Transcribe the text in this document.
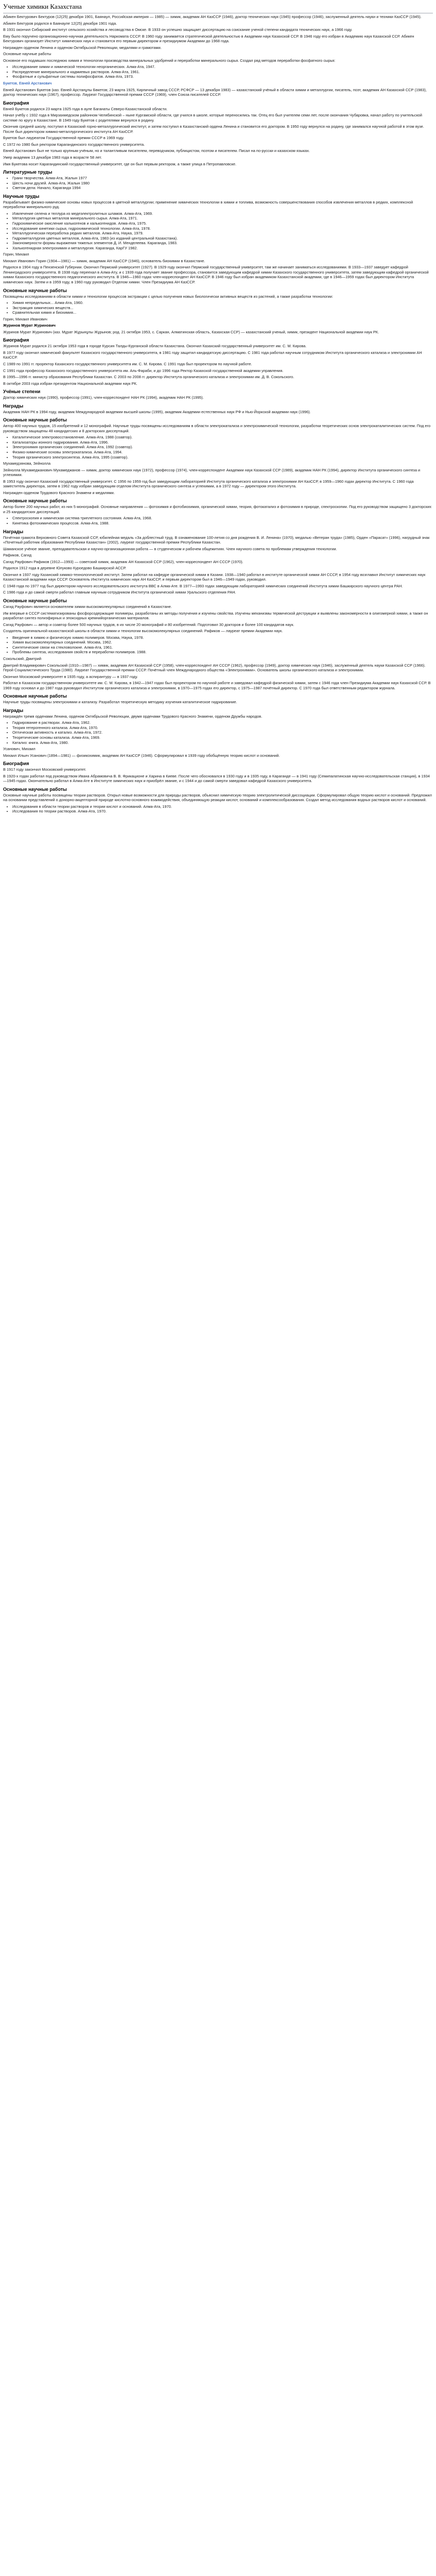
Ученые химики Казахстана

Абикен Бектурович Бектуров (12(25) декабря 1901, Баянаул, Российская империя — 1985) — химик, академик АН КазССР (1946), доктор технических наук (1945) профессор (1946), заслуженный деятель науки и техники КазССР (1945).

Абикен Бектуров родился в Баянауле 12(25) декабря 1901 года.

В 1931 окончил Сибирский институт сельского хозяйства и лесоводства в Омске. В 1933 он успешно защищает диссертацию на соискание ученой степени кандидата технических наук, а 1966 году.

Ему было поручено организационно-научная деятельность Наркомата СССР. В 1960 году занимается стратегической деятельностью в Академии наук Казахской ССР. В 1946 году его избран в Академию наук Казахской ССР. Абикен Бектурович организует Институт химических наук и становится его первым директором и президиумом Академии до 1968 года.

Награжден орденом Ленина и орденом Октябрьской Революции, медалями и грамотами.

Основные научные работы

Основное его подавших последнюю химия и технологии производства минеральных удобрений и переработки минерального сырья. Создал ряд методов переработки фосфатного сырья:

• Исследование химии и химической технологии неорганических. Алма-Ата, 1947.
• Распределение минерального и кадмиевых растворов. Алма-Ата, 1961.
• Фосфатные и сульфатные системы полифосфатов. Алма-Ата, 1973.

Букетов, Евней Арстанович

Евней Арстанович Букетов (каз. Евней Арстанұлы Бөкетов; 23 марта 1925, Кирпичный завод СССР, РСФСР — 13 декабря 1983) — казахстанский учёный в области химии и металлургии, писатель, поэт, академик АН Казахской ССР (1983), доктор технических наук (1967), профессор. Лауреат Государственной премии СССР (1969), член Союза писателей СССР.

Биография

Евней Букетов родился 23 марта 1925 года в ауле Баганаты Северо-Казахстанской области.

Начал учёбу с 1932 года в Мирзахмедском районном Челябинской – ныне Кургамской области, где учился в школе, которые переносились так. Отец его был учителем семи лет, после окончания Чубаровка, начал работу по учительской системе по кругу в Казахстане. В 1949 году Букетов с родителями вернулся в родину.

Окончив средней школу, поступил в Казахский горно-металлургический институт, и затем поступил в Казахстанский ордена Ленина и становится его доктором. В 1950 году вернулся на родину, где занимался научной работой в этом вузе. После был директором химико-металлургического института АН КазССР.

Букетов был лауреатом Государственной премии СССР в 1969 году.

С 1972 по 1980 был ректором Карагандинского государственного университета.

Евней Арстанович был не только крупным учёным, но и талантливым писателем, переводчиком, публицистом, поэтом и писателем. Писал на по-русски и казахском языках.

Умер академик 13 декабря 1983 года в возрасте 58 лет.

Имя Букетова носит Карагандинский государственный университет, где он был первым ректором, а также улица в Петропавловске.

Литературные труды
• Грани творчества. Алма-Ата, Жалын 1977
• Шесть ночи друзей. Алма-Ата, Жалын 1980
• Светом дела: Начало, Караганда 1994
Научные труды

Разрабатывает физико-химические основы новых процессов в цветной металлургии; применение химических технологии в химии и топлива, возможность совершенствования способов извлечения металлов в редких, комплексной переработки минерального руд.

• Извлечение селена и теллура из медеэлектролитных шламов. Алма-Ата, 1969.
• Металлургия цветных металлов минерального сырья. Алма-Ата, 1971.
• Гидрохимическое окисление халькогенов и халькогенидов. Алма-Ата, 1975.
• Исследование кинетики сырья, гидрохимической технологии. Алма-Ата, 1978.
• Металлургическая переработка редких металлов. Алма-Ата, Наука, 1979.
• Гидрометаллургия цветных металлов, Алма-Ата, 1983 (из изданий центральной Казахстана).
• Закономерности формы выражения тяжелых элементов Д. И. Менделеева. Караганда, 1983.
• Халькогенидная электрохимия и металлургия. Караганда, КарГУ 1982.

Горин, Михаил

Михаил Иванович Горин (1904—1981) — химик, академик АН КазССР (1946), основатель биохимии в Казахстане.

Родился в 1904 году в Пензенской Губернии. Окончил Пермский университет (1927). В 1929 году окончил Пермский государственный университет, там же начинает заниматься исследованиями. В 1933—1937 заведует кафедрой Ленинградского университета. В 1938 году переехал в Алма-Ату, и с 1939 года получает звание профессора, становится заведующим кафедрой химии Казахского государственного университета, затем заведующим кафедрой органической химии Казахского государственного педагогического института. В 1946—1960 годах член-корреспондент АН КазССР. В 1946 году был избран академиком Казахстанской академии, где в 1946—1959 годах был директором Института химических наук. Затем и в 1959 году, в 1960 году руководил Отделом химии. Член Президиума АН КазССР.

Основные научные работы

Посвящены исследованиям в области химии и технологии процессов экстракции с целью получения новых биологически активных веществ из растений, а также разработки технологии:

• Химия непредельных... Алма-Ата, 1960.
• Экстракция химических веществ...
• Сравнительная химия и биохимия...

Горин, Михаил Иванович

Журинов Мурат Журинович

Журинов Мурат Журинович (каз. Мұрат Жұрынұлы Жұрынов; род. 21 октября 1953, с. Саркан, Алматинская область, Казахская ССР) — казахстанский ученый, химик, президент Национальной академии наук РК.

Биография

Журинов Мурат родился 21 октября 1953 года в городе Курсин Талды-Курганской области Казахстана. Окончил Казахский государственный университет им. С. М. Кирова.

В 1977 году окончил химический факультет Казахского государственного университета, в 1981 году защитил кандидатскую диссертацию. С 1981 года работал научным сотрудником Института органического катализа и электрохимии АН КазССР.

С 1989 по 1991 гг. проректор Казахского государственного университета им. С. М. Кирова. С 1991 года был проректором по научной работе.

С 1991 года профессор Казахского государственного университета им. Аль-Фараби, и до 1996 года Ректор Казахской государственной академии управления.

В 1995—1996 гг. министр образования Республики Казахстан. С 2003 по 2008 гг. директор Института органического катализа и электрохимии им. Д. В. Сокольского.

В октябре 2003 года избран президентом Национальной академии наук РК.

Учёные степени

Доктор химических наук (1990), профессор (1991), член-корреспондент НАН РК (1994), академик НАН РК (1995).

Награды

Академик НАН РК в 1994 году, академик Международной академии высшей школы (1995), академик Академии естественных наук РФ и Нью-Йоркской академии наук (1996).

Основные научные работы

Автор 400 научных трудов, 15 изобретений и 12 монографий. Научные труды посвящены исследованиям в области электрокатализа и электрохимической технологии, разработки теоретических основ электрокаталитических систем. Под его руководством защищены 48 кандидатских и 8 докторских диссертаций.

• Каталитическое электровосстановление. Алма-Ата, 1988 (соавтор).
• Катализаторы ионного гидрирования. Алма-Ата, 1996.
• Электрохимия органических соединений. Алма-Ата, 1992 (соавтор).
• Физико-химические основы электрокатализа. Алма-Ата, 1994.
• Теория органического электросинтеза. Алма-Ата, 1995 (соавтор).

Мухамедзянова, Зейнолла

Зейнолла Мухамеджанович Мухамеджанов — химик, доктор химических наук (1972), профессор (1974), член-корреспондент Академии наук Казахской ССР (1989), академик НАН РК (1994), директор Института органического синтеза и углехимии.

В 1953 году окончил Казахский государственный университет. С 1956 по 1959 год был заведующим лабораторией Института органического катализа и электрохимии АН КазССР, в 1959—1960 годах директор Института. С 1960 года заместитель директора, затем в 1962 году избран заведующим отделом Института органического синтеза и углехимии, а в 1972 году — директором этого Института.

Награжден орденом Трудового Красного Знамени и медалями.

Основные научные работы

Автор более 200 научных работ, из них 5 монографий. Основные направления — фотохимия и фотобиохимия, органической химии, теория, фотокатализ и фотохимия в природе, спектроскопии. Под его руководством защищено 3 докторских и 25 кандидатских диссертаций.

• Спектроскопия и химическая система триплетного состояния. Алма-Ата, 1968.
• Кинетика фотохимических процессов. Алма-Ата, 1988.
Награды

Почётная грамота Верховного Совета Казахской ССР, юбилейная медаль «За доблестный труд. В ознаменование 100-летия со дня рождения В. И. Ленина» (1970), медалью «Ветеран труда» (1985), Орден «Парасат» (1996), нагрудный знак «Почетный работник образования Республики Казахстан» (2002), лауреат государственной премии Республики Казахстан.

Шаманское учёное звание, преподавательская и научно-организационная работа — в студенческом и рабочем общежитиях. Член научного совета по проблемам утверждения технологии.

Рафиков, Сагид

Сагид Рауфович Рафиков (1912—1993) — советский химик, академик АН Казахской ССР (1962), член-корреспондент АН СССР (1970).

Родился 1912 года в деревне Юлуково Куроедово Башкирской АССР.

Окончил в 1937 году Казанский химико-технологический институт. Затем работал на кафедре органической химии в Казани. 1938—1940 работал в институте органической химии АН СССР, в 1954 году возглавил Институт химических наук Казахстанской академии наук СССР. Основатель Института химических наук АН КазССР, и первым директором был в 1946—1949 годах, руководил.

С 1948 года по 1977 год был директором научного исследовательского института ВВС в Алма-Ате. В 1977—1993 годах заведующим лабораторией химических соединений Института химии Башкирского научного центра РАН.

С 1986 года и до самой смерти работал главным научным сотрудником Института органической химии Уральского отделения РАН.

Основные научные работы

Сагид Рауфович является основателем химии высокомолекулярных соединений в Казахстане.

Им впервые в СССР систематизированы фосфорсодержащие полимеры, разработаны их методы получения и изучены свойства. Изучены механизмы термической деструкции и выявлены закономерности в олигомерной химии, а также он разработал синтез полиэфирных и эпоксидных кремнийорганических материалов.

Сагид Рауфович — автор и соавтор более 500 научных трудов, в их числе 20 монографий и 80 изобретений. Подготовил 30 докторов и более 100 кандидатов наук.

Создатель оригинальной казахстанской школы в области химии и технологии высокомолекулярных соединений. Рафиков — лауреат премии Академии наук.

• Введение в химию и физическую химию полимеров. Москва, Наука, 1978.
• Химия высокомолекулярных соединений. Москва, 1962.
• Синтетические связи на стекловолокне. Алма-Ата, 1961.
• Проблемы синтеза, исследования свойств и переработки полимеров. 1988.

Сокольский, Дмитрий

Дмитрий Владимирович Сокольский (1910—1987) — химик, академик АН Казахской ССР (1958), член-корреспондент АН СССР (1962), профессор (1949), доктор химических наук (1946), заслуженный деятель науки Казахской ССР (1966). Герой Социалистического Труда (1980). Лауреат Государственной премии СССР. Почётный член Международного общества «Электрохимии». Основатель школы органического катализа и электрохимии.

Окончил Московский университет в 1935 году, а аспирантуру — в 1937 году.

Работал в Казахском государственном университете им. С. М. Кирова, в 1942—1947 годах был проректором по научной работе и заведовал кафедрой физической химии, затем с 1946 года член Президиума Академии наук Казахской ССР. В 1969 году основал и до 1987 года руководил Институтом органического катализа и электрохимии, в 1970—1975 годах его директор, с 1975—1987 почётный директор. С 1970 года был ответственным редактором журнала.

Основные научные работы

Научные труды посвящены электрохимии и катализу. Разработал теоретическую методику изучения каталитическое гидрирование.

Награды

Награждён тремя орденами Ленина, орденом Октябрьской Революции, двумя орденами Трудового Красного Знамени, орденом Дружбы народов.

• Гидрирование в растворах. Алма-Ата, 1962.
• Теория гетерогенного катализа. Алма-Ата, 1970.
• Оптическая активность и катализ. Алма-Ата, 1972.
• Теоретические основы катализа. Алма-Ата, 1969.
• Катализ: книга. Алма-Ата, 1980.

Усанович, Михаил

Михаил Ильич Усанович (1894—1981) — физикохимик, академик АН КазССР (1946). Сформулировал в 1939 году обобщённую теорию кислот и оснований.

Биография

В 1917 году закончил Московский университет.

В 1920-х годах работал под руководством Ивана Абрамовича В. В. Фрикационе и Харина в Киеве. После чего обосновался в 1930 году и в 1935 году, в Караганде — в 1941 году (Семипалатинская научно-исследовательская станция), в 1934—1945 годах. Окончательно работал в Алма-Ате в Институте химических наук и приобрёл звание, и с 1944 и до самой смерти заведовал кафедрой Казахского университета.

Основные научные работы

Основные научные работы посвящены теории растворов. Открыл новые возможности для природы растворов, объяснил химическую теорию электролитической диссоциации. Сформулировал общую теорию кислот и оснований. Предложил на основании представлений о донорно-акцепторной природе кислотно-основного взаимодействия, объединяющую реакции кислот, оснований и комплексообразования. Создал метод исследования водных растворов кислот и оснований.

• Исследования в области теории растворов и теории кислот и оснований. Алма-Ата, 1970.
• Исследования по теории растворов. Алма-Ата, 1970.
